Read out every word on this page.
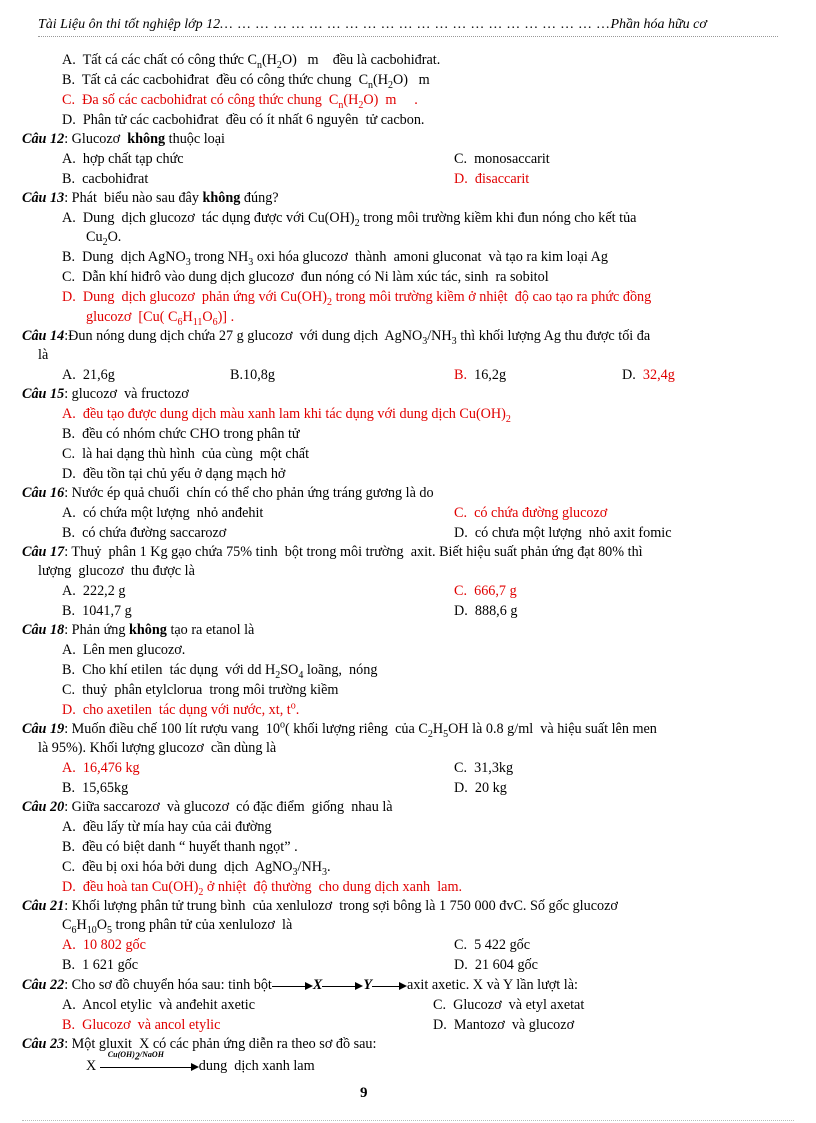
Tài Liệu ôn thi tốt nghiệp lớp 12… … … … … … … … … … … … … … … … … … … … … …Phần hóa hữu cơ
A.  Tất cá các chất có công thức $C_n(H_2O)$   m    đều là cacbohiđrat.
B.  Tất cả các cacbohiđrat  đều có công thức chung  $C_n(H_2O)$   m
C.  Đa số các cacbohiđrat có công thức chung  $C_n(H_2O)$  m     .
D.  Phân tử các cacbohiđrat  đều có ít nhất 6 nguyên  tử cacbon.
Câu 12: Glucozơ  không thuộc loại
A.  hợp chất tạp chức	C.  monosaccarit
B.  cacbohiđrat	D.  đisaccarit
Câu 13: Phát  biểu nào sau đây không đúng?
A.  Dung  dịch glucozơ  tác dụng được với $Cu(OH)_2$ trong môi trường kiềm khi đun nóng cho kết tủa
$Cu_2O$.
B.  Dung  dịch AgNO$_3$ trong $NH_3$ oxi hóa glucozơ  thành  amoni gluconat  và tạo ra kim loại Ag
C.  Dẫn khí hiđrô vào dung dịch glucozơ  đun nóng có Ni làm xúc tác, sinh  ra sobitol
D.  Dung  dịch glucozơ  phản ứng với $Cu(OH)_2$ trong môi trường kiềm ở nhiệt  độ cao tạo ra phức đồng
glucozơ  [Cu( $C_6H_{11}O_6$)] .
Câu 14:Đun nóng dung dịch chứa 27 g glucozơ  với dung dịch  $AgNO_3/NH_3$ thì khối lượng Ag thu được tối đa
là
A.  21,6g	B.10,8g	B.  16,2g	D.  32,4g
Câu 15: glucozơ  và fructozơ
A.  đều tạo được dung dịch màu xanh lam khi tác dụng với dung dịch $Cu(OH)_2$
B.  đều có nhóm chức CHO trong phân tử
C.  là hai dạng thù hình  của cùng  một chất
D.  đều tồn tại chủ yếu ở dạng mạch hở
Câu 16: Nước ép quả chuối  chín có thể cho phản ứng tráng gương là do
A.  có chứa một lượng  nhỏ anđehit	C.  có chứa đường glucozơ
B.  có chứa đường saccarozơ	D.  có chưa một lượng  nhỏ axit fomic
Câu 17: Thuỷ  phân 1 Kg gạo chứa 75% tinh  bột trong môi trường  axit. Biết hiệu suất phản ứng đạt 80% thì
lượng  glucozơ  thu được là
A.  222,2 g	C.  666,7 g
B.  1041,7 g	D.  888,6 g
Câu 18: Phản ứng không tạo ra etanol là
A.  Lên men glucozơ.
B.  Cho khí etilen  tác dụng  với dd $H_2SO_4$ loãng,  nóng
C.  thuỷ  phân etylclorua  trong môi trường kiềm
D.  cho axetilen  tác dụng với nước, xt, $t^o$.
Câu 19: Muốn điều chế 100 lít rượu vang  10$^o$( khối lượng riêng  của $C_2H_5OH$ là 0.8 g/ml  và hiệu suất lên men
là 95%). Khối lượng glucozơ  cần dùng là
A.  16,476 kg	C.  31,3kg
B.  15,65kg	D.  20 kg
Câu 20: Giữa saccarozơ  và glucozơ  có đặc điểm  giống  nhau là
A.  đều lấy từ mía hay của cải đường
B.  đều có biệt danh “ huyết thanh ngọt” .
C.  đều bị oxi hóa bởi dung  dịch  $AgNO_3/NH_3$.
D.  đều hoà $\tan Cu(OH)_2$ ở nhiệt  độ thường  cho dung dịch xanh  lam.
Câu 21: Khối lượng phân tử trung bình  của xenlulozơ  trong sợi bông là 1 750 000 đvC. Số gốc glucozơ
$C_6H_{10}O_5$ trong phân tử của xenlulozơ  là
A.  10 802 gốc	C.  5 422 gốc
B.  1 621 gốc	D.  21 604 gốc
Câu 22: Cho sơ đồ chuyển hóa sau: tinh bột	X	Y axit axetic. X và Y lần lượt là:
A.  Ancol etylic  và anđehit axetic	C.  Glucozơ  và etyl axetat
B.  Glucozơ  và ancol etylic	D.  Mantozơ  và glucozơ
Câu 23: Một gluxit  X có các phản ứng diễn ra theo sơ đồ sau:
X
$Cu(OH)_2$/NaOH
dung  dịch xanh lam
9
